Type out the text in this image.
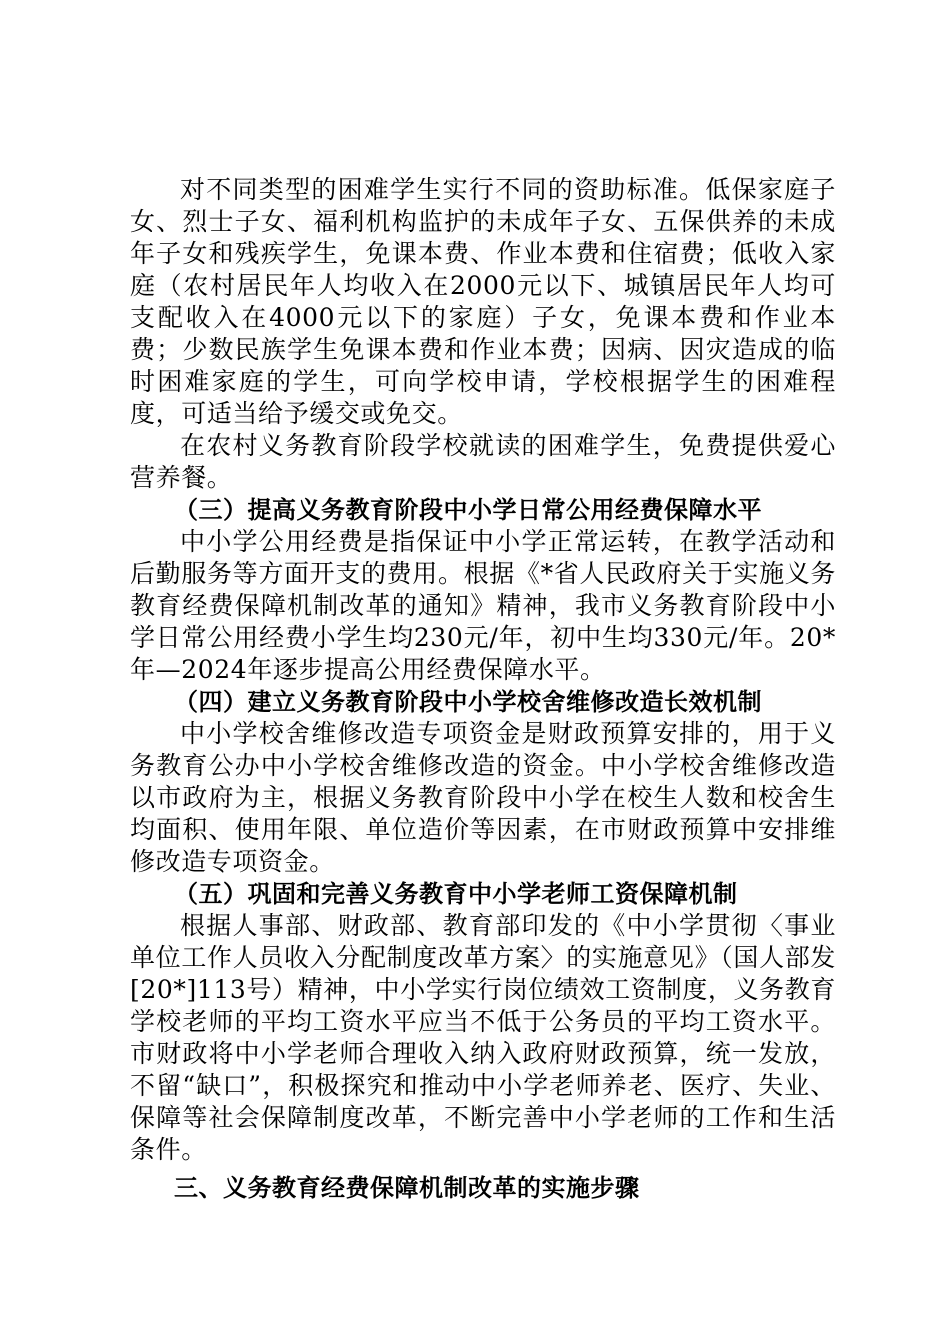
对不同类型的困难学生实行不同的资助标准。低保家庭子女、烈士子女、福利机构监护的未成年子女、五保供养的未成年子女和残疾学生，免课本费、作业本费和住宿费；低收入家庭（农村居民年人均收入在2000元以下、城镇居民年人均可支配收入在4000元以下的家庭）子女，免课本费和作业本费；少数民族学生免课本费和作业本费；因病、因灾造成的临时困难家庭的学生，可向学校申请，学校根据学生的困难程度，可适当给予缓交或免交。

在农村义务教育阶段学校就读的困难学生，免费提供爱心营养餐。

（三）提高义务教育阶段中小学日常公用经费保障水平

中小学公用经费是指保证中小学正常运转，在教学活动和后勤服务等方面开支的费用。根据《*省人民政府关于实施义务教育经费保障机制改革的通知》精神，我市义务教育阶段中小学日常公用经费小学生均230元/年，初中生均330元/年。20*年—2024年逐步提高公用经费保障水平。

（四）建立义务教育阶段中小学校舍维修改造长效机制

中小学校舍维修改造专项资金是财政预算安排的，用于义务教育公办中小学校舍维修改造的资金。中小学校舍维修改造以市政府为主，根据义务教育阶段中小学在校生人数和校舍生均面积、使用年限、单位造价等因素，在市财政预算中安排维修改造专项资金。

（五）巩固和完善义务教育中小学老师工资保障机制

根据人事部、财政部、教育部印发的《中小学贯彻〈事业单位工作人员收入分配制度改革方案〉的实施意见》（国人部发[20*]113号）精神，中小学实行岗位绩效工资制度，义务教育学校老师的平均工资水平应当不低于公务员的平均工资水平。市财政将中小学老师合理收入纳入政府财政预算，统一发放，不留“缺口”，积极探究和推动中小学老师养老、医疗、失业、保障等社会保障制度改革，不断完善中小学老师的工作和生活条件。

三、义务教育经费保障机制改革的实施步骤
